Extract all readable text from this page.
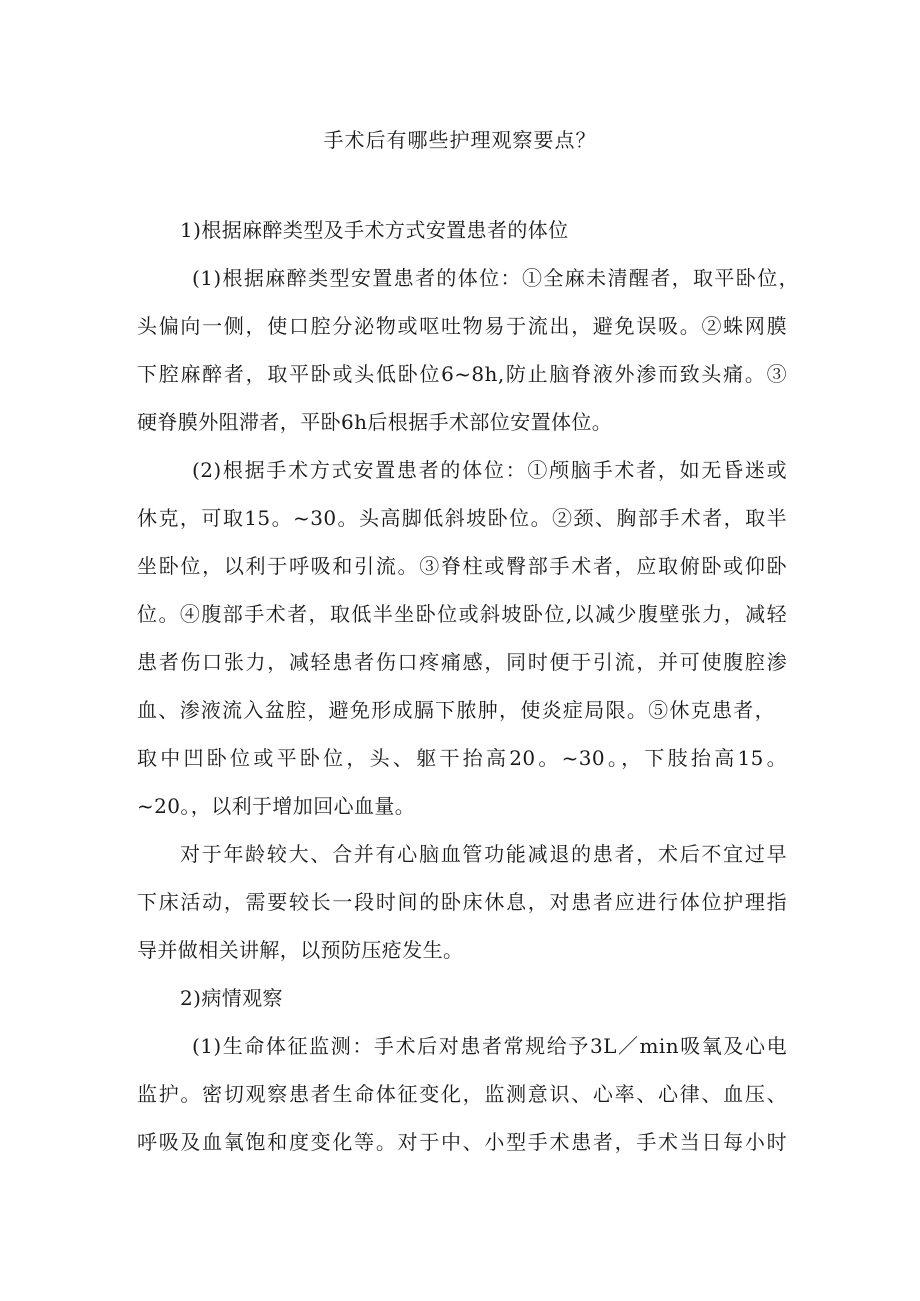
手术后有哪些护理观察要点？
1)根据麻醉类型及手术方式安置患者的体位
(1)根据麻醉类型安置患者的体位：①全麻未清醒者，取平卧位，
头偏向一侧，使口腔分泌物或呕吐物易于流出，避免误吸。②蛛网膜
下腔麻醉者，取平卧或头低卧位6~8h,防止脑脊液外渗而致头痛。③
硬脊膜外阻滞者，平卧6h后根据手术部位安置体位。
(2)根据手术方式安置患者的体位：①颅脑手术者，如无昏迷或
休克，可取15。~30。头高脚低斜坡卧位。②颈、胸部手术者，取半
坐卧位，以利于呼吸和引流。③脊柱或臀部手术者，应取俯卧或仰卧
位。④腹部手术者，取低半坐卧位或斜坡卧位,以减少腹壁张力，减轻
患者伤口张力，减轻患者伤口疼痛感，同时便于引流，并可使腹腔渗
血、渗液流入盆腔，避免形成膈下脓肿，使炎症局限。⑤休克患者，
取中凹卧位或平卧位，头、躯干抬高20。~30。，下肢抬高15。
~20。，以利于增加回心血量。
对于年龄较大、合并有心脑血管功能减退的患者，术后不宜过早
下床活动，需要较长一段时间的卧床休息，对患者应进行体位护理指
导并做相关讲解，以预防压疮发生。
2)病情观察
(1)生命体征监测：手术后对患者常规给予3L／min吸氧及心电
监护。密切观察患者生命体征变化，监测意识、心率、心律、血压、
呼吸及血氧饱和度变化等。对于中、小型手术患者，手术当日每小时
